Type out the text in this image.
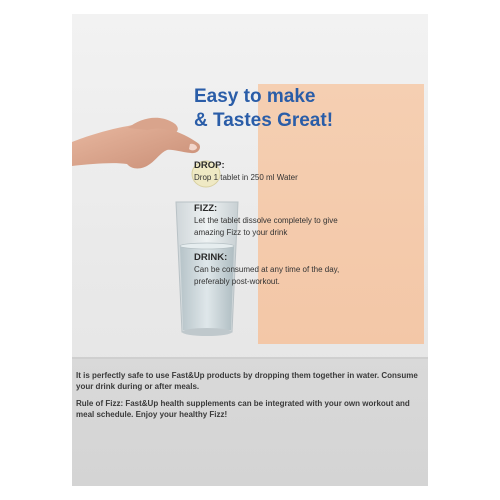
Easy to make
& Tastes Great!
DROP:
Drop 1 tablet in 250 ml Water
FIZZ:
Let the tablet dissolve completely to give amazing Fizz to your drink
DRINK:
Can be consumed at any time of the day, preferably post-workout.
It is perfectly safe to use Fast&Up products by dropping them together in water. Consume your drink during or after meals.
Rule of Fizz: Fast&Up health supplements can be integrated with your own workout and meal schedule. Enjoy your healthy Fizz!
